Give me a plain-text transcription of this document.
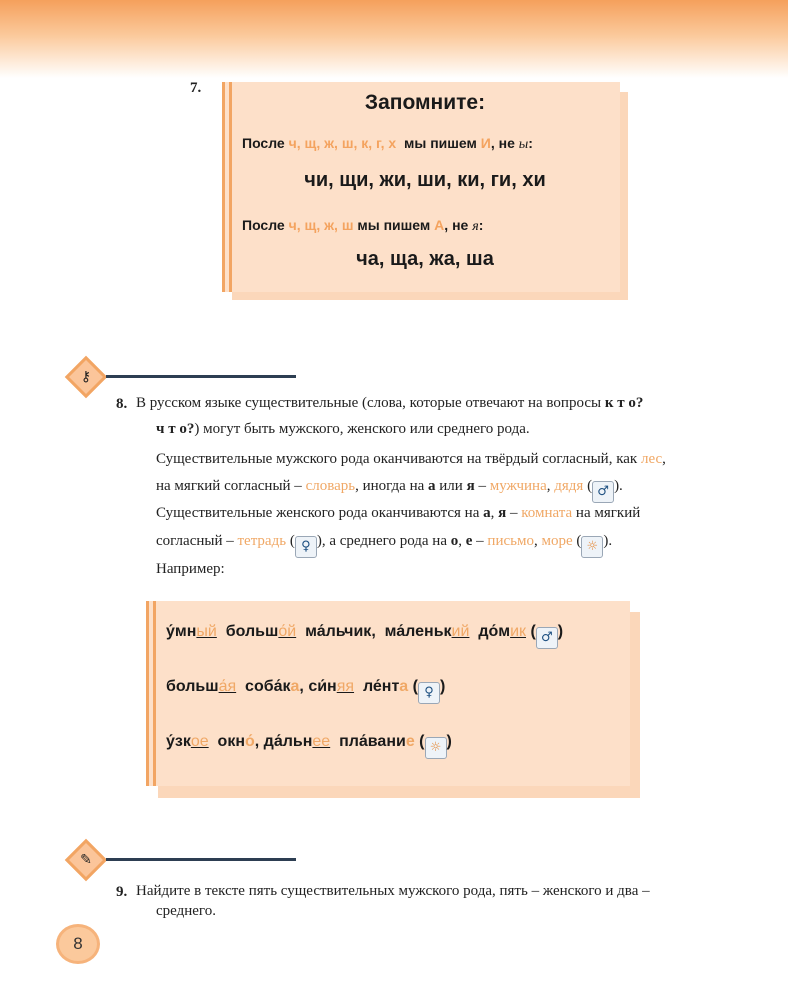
7.
Запомните:
После ч, щ, ж, ш, к, г, х мы пишем И, не ы:
чи, щи, жи, ши, ки, ги, хи
После ч, щ, ж, ш мы пишем А, не я:
ча, ща, жа, ша
⚷
8. В русском языке существительные (слова, которые отвечают на вопросы к т о?
ч т о?) могут быть мужского, женского или среднего рода.
Существительные мужского рода оканчиваются на твёрдый согласный, как лес,
на мягкий согласный – словарь, иногда на а или я – мужчина, дядя ( ♂ ).
Существительные женского рода оканчиваются на а, я – комната на мягкий
согласный – тетрадь ( ♀ ), а среднего рода на о, е – письмо, море ( ☼ ).
Например:
у́мный большо́й ма́льчик, ма́ленький до́мик ( ♂ )
больша́я соба́ка, си́няя ле́нта ( ♀ )
у́зкое окно́, да́льнее пла́вание ( ☼ )
✎
9. Найдите в тексте пять существительных мужского рода, пять – женского и два –
среднего.
8
